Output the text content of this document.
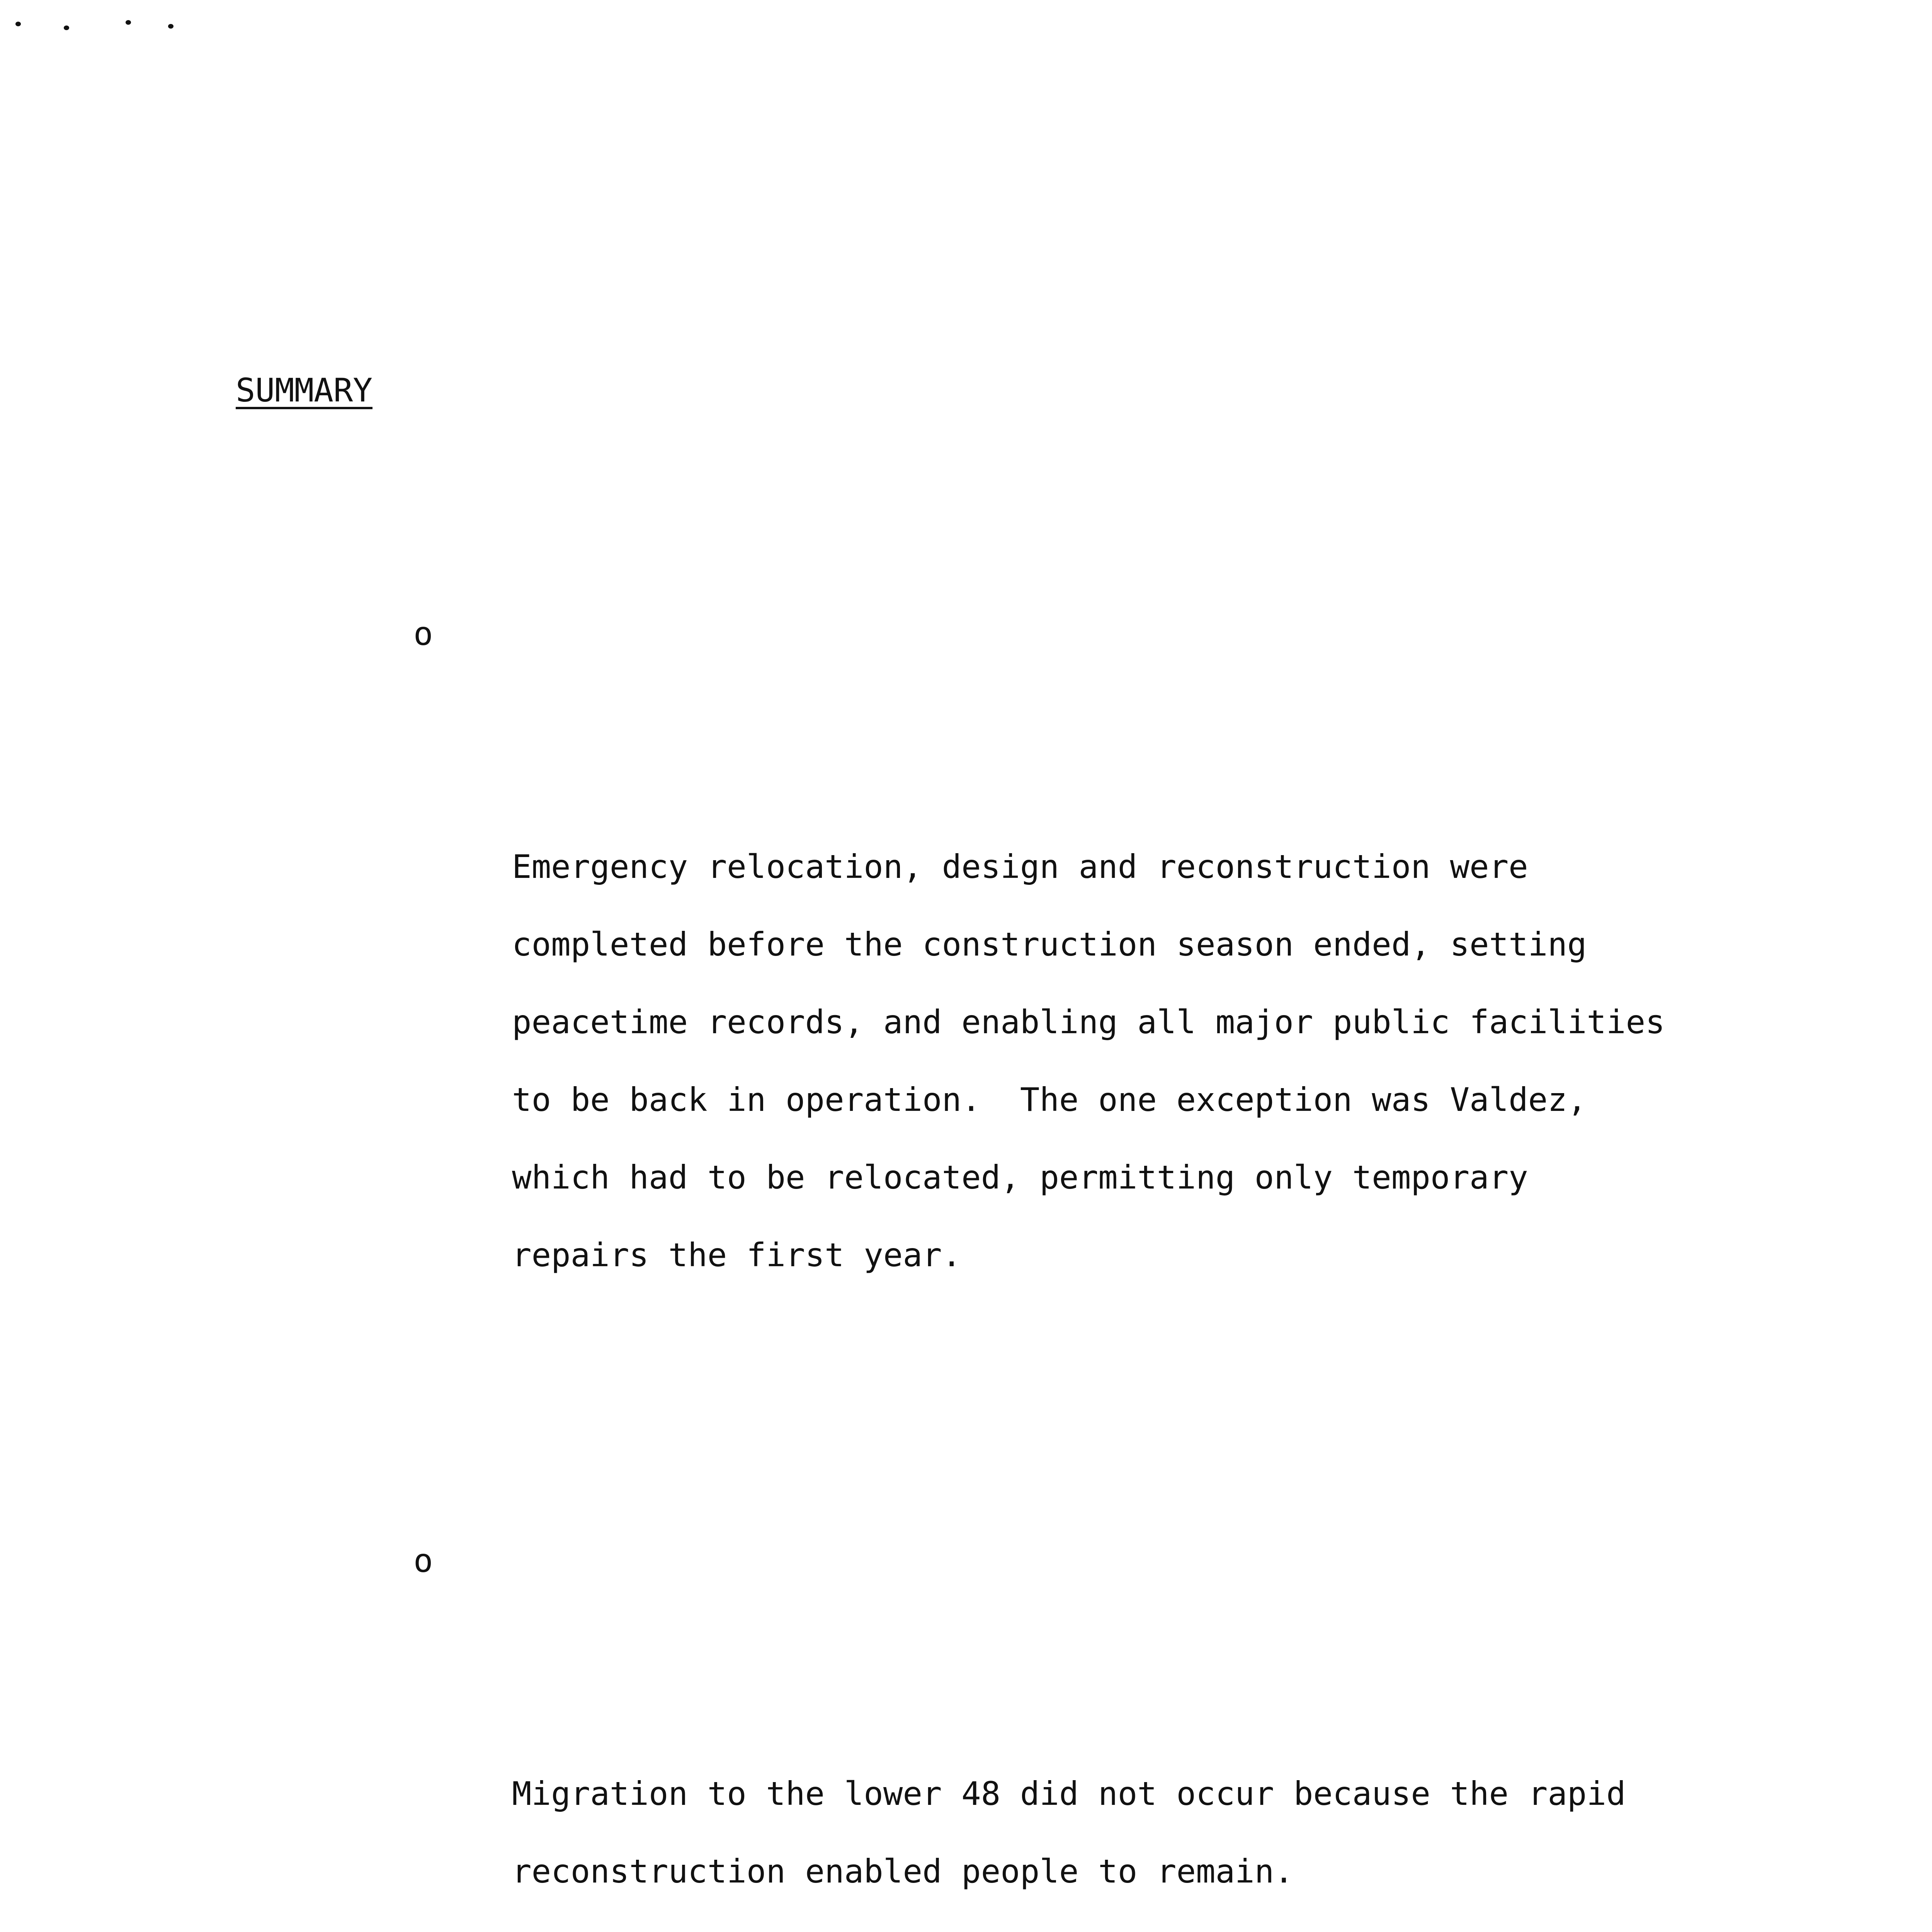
SUMMARY

o

Emergency relocation, design and reconstruction were
completed before the construction season ended, setting
peacetime records, and enabling all major public facilities
to be back in operation.  The one exception was Valdez,
which had to be relocated, permitting only temporary
repairs the first year.

o

Migration to the lower 48 did not occur because the rapid
reconstruction enabled people to remain.
